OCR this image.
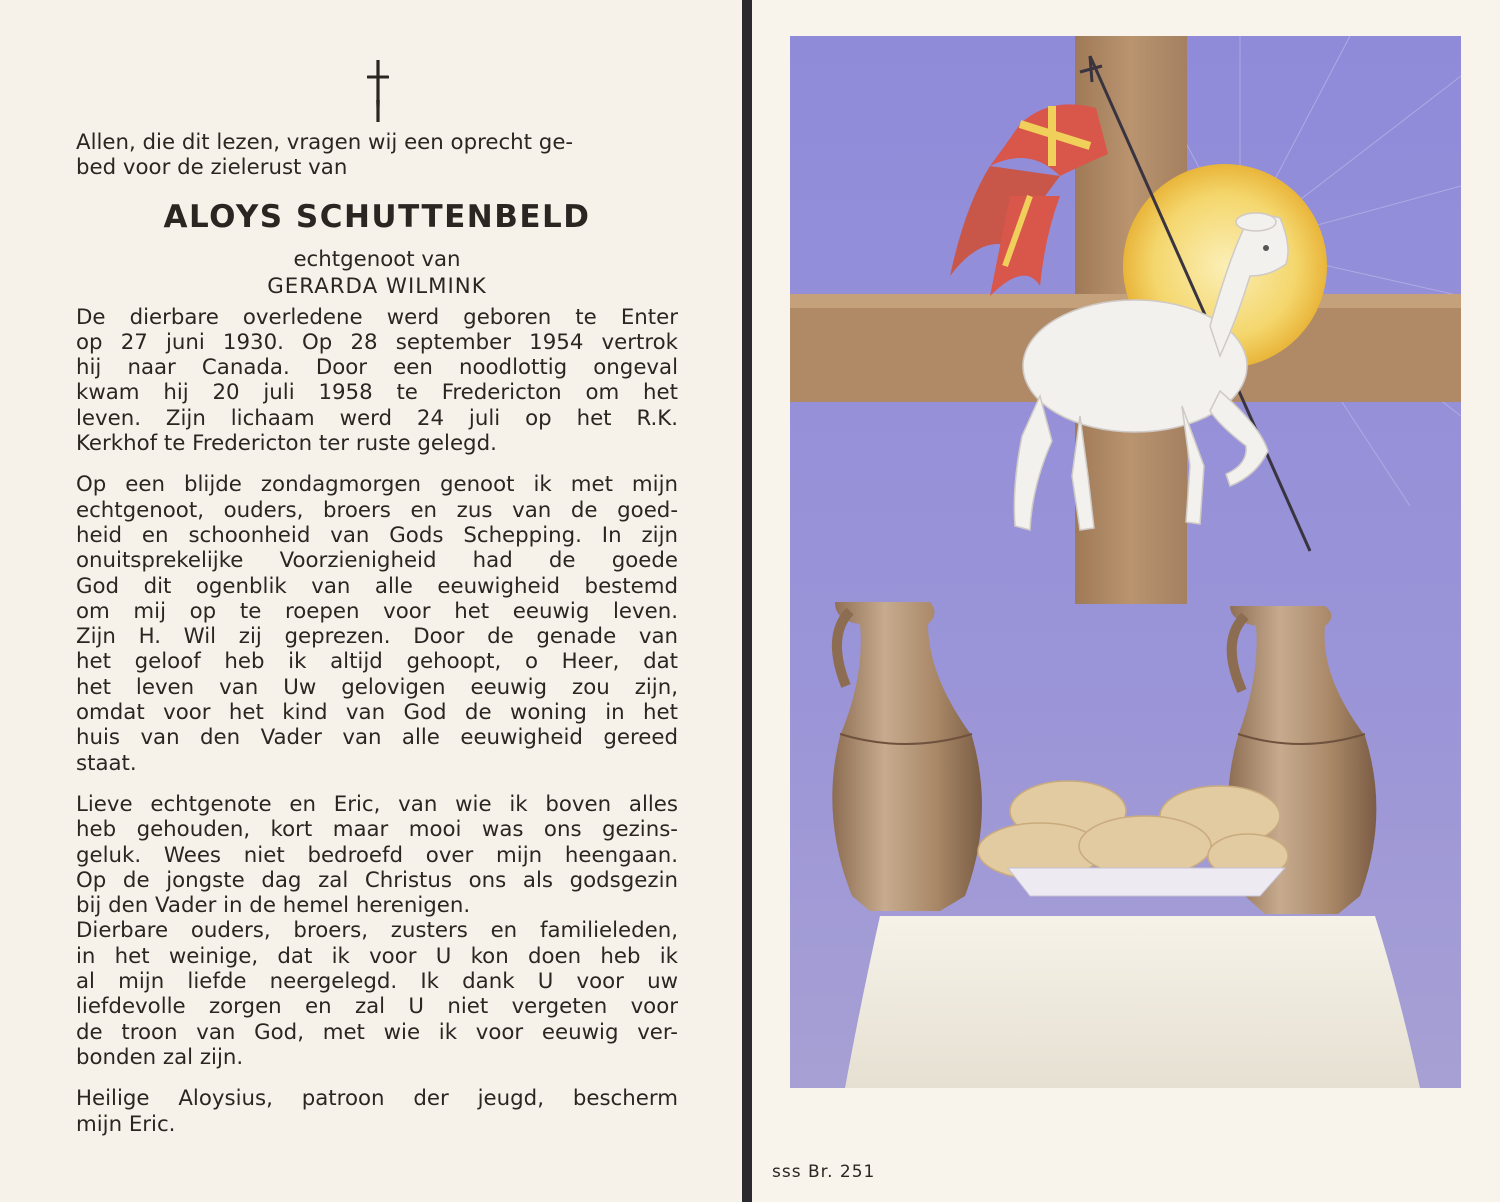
Allen, die dit lezen, vragen wij een oprecht ge-
bed voor de zielerust van

ALOYS SCHUTTENBELD

echtgenoot van

GERARDA WILMINK

De dierbare overledene werd geboren te Enter

op 27 juni 1930. Op 28 september 1954 vertrok

hij naar Canada. Door een noodlottig ongeval

kwam hij 20 juli 1958 te Fredericton om het

leven. Zijn lichaam werd 24 juli op het R.K.

Kerkhof te Fredericton ter ruste gelegd.

Op een blijde zondagmorgen genoot ik met mijn

echtgenoot, ouders, broers en zus van de goed-

heid en schoonheid van Gods Schepping. In zijn

onuitsprekelijke Voorzienigheid had de goede

God dit ogenblik van alle eeuwigheid bestemd

om mij op te roepen voor het eeuwig leven.

Zijn H. Wil zij geprezen. Door de genade van

het geloof heb ik altijd gehoopt, o Heer, dat

het leven van Uw gelovigen eeuwig zou zijn,

omdat voor het kind van God de woning in het

huis van den Vader van alle eeuwigheid gereed

staat.

Lieve echtgenote en Eric, van wie ik boven alles

heb gehouden, kort maar mooi was ons gezins-

geluk. Wees niet bedroefd over mijn heengaan.

Op de jongste dag zal Christus ons als godsgezin

bij den Vader in de hemel herenigen.

Dierbare ouders, broers, zusters en familieleden,

in het weinige, dat ik voor U kon doen heb ik

al mijn liefde neergelegd. Ik dank U voor uw

liefdevolle zorgen en zal U niet vergeten voor

de troon van God, met wie ik voor eeuwig ver-

bonden zal zijn.

Heilige Aloysius, patroon der jeugd, bescherm

mijn Eric.

sss Br. 251
